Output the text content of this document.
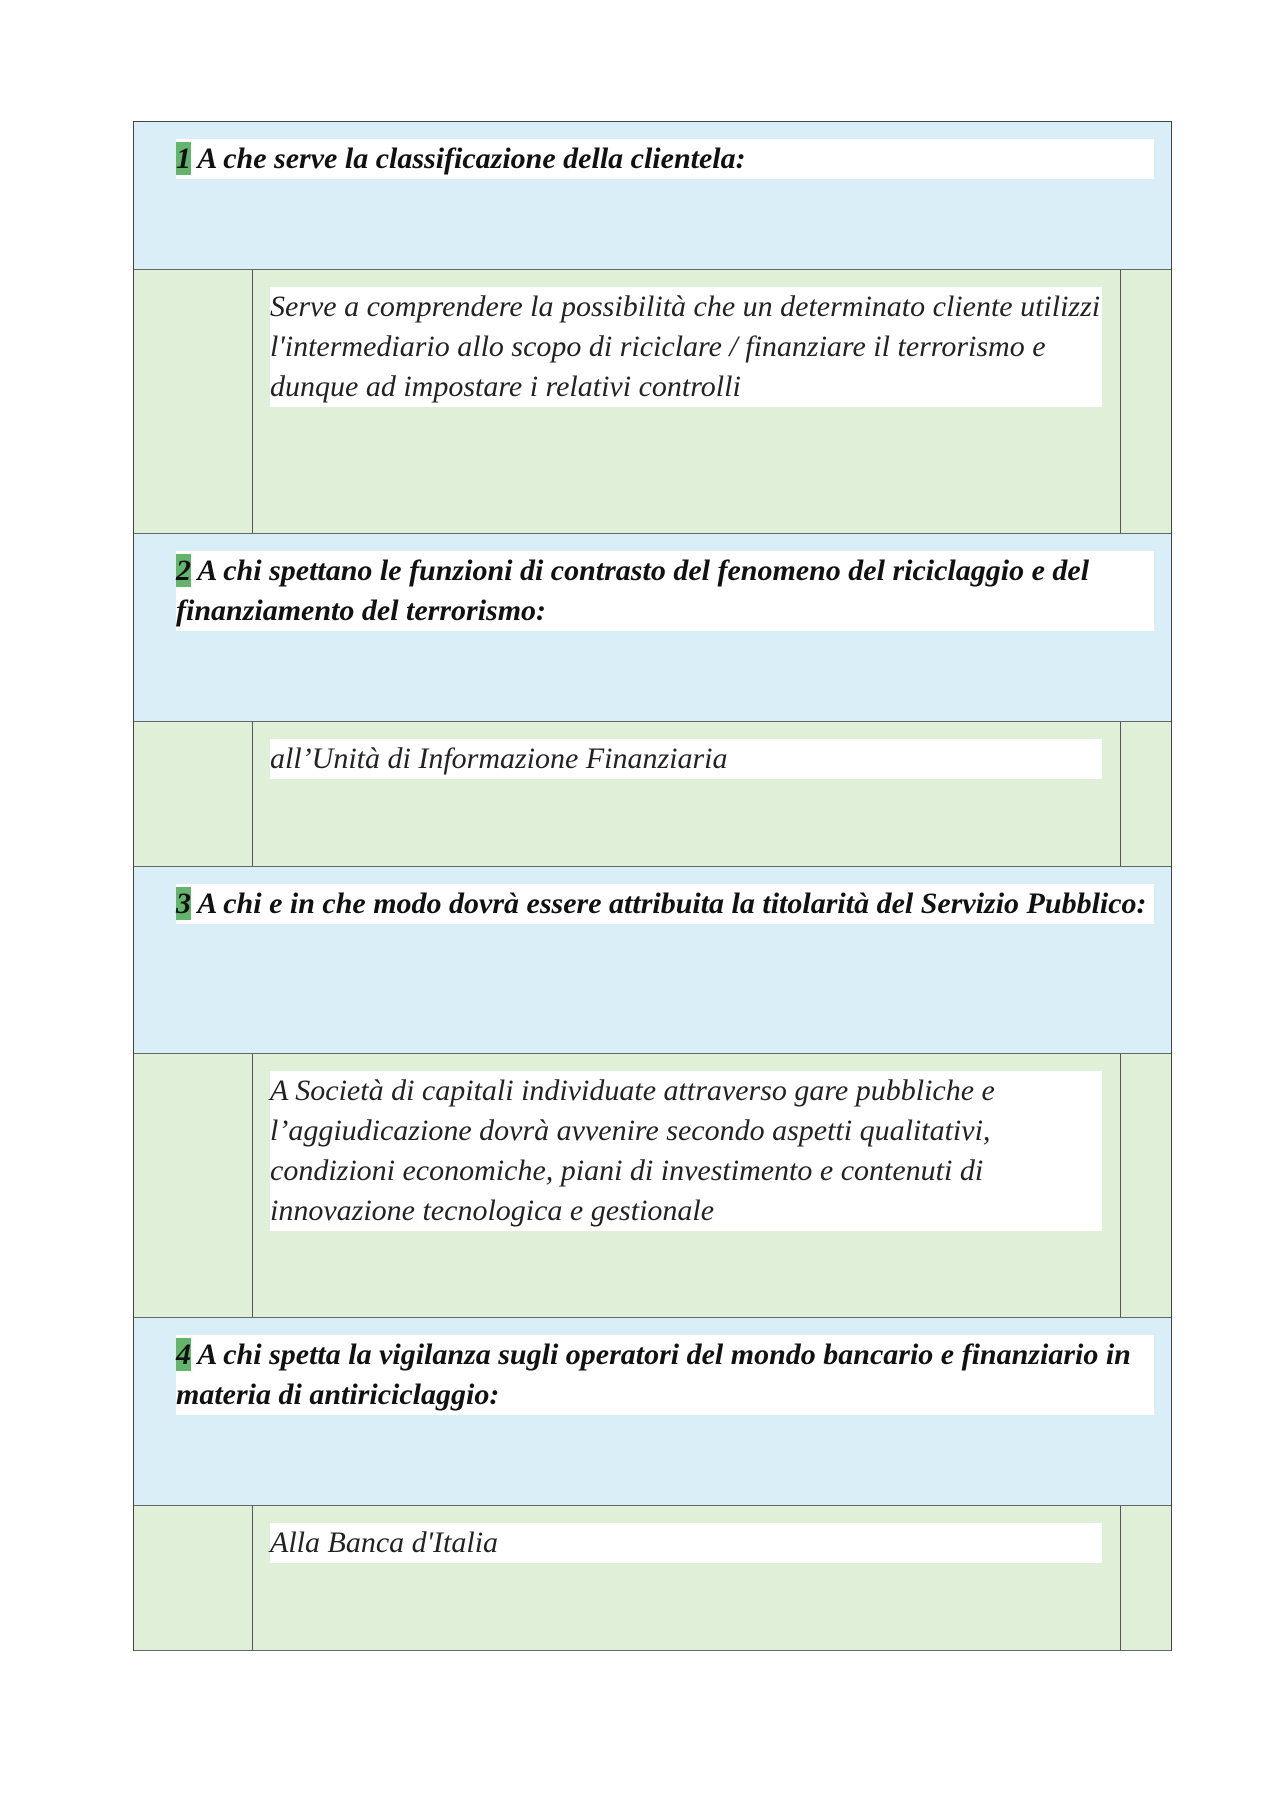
1 A che serve la classificazione della clientela:
Serve a comprendere la possibilità che un determinato cliente utilizzi l'intermediario allo scopo di riciclare / finanziare il terrorismo e dunque ad impostare i relativi controlli
2 A chi spettano le funzioni di contrasto del fenomeno del riciclaggio e del finanziamento del terrorismo:
all’Unità di Informazione Finanziaria
3 A chi e in che modo dovrà essere attribuita la titolarità del Servizio Pubblico:
A Società di capitali individuate attraverso gare pubbliche e l’aggiudicazione dovrà avvenire secondo aspetti qualitativi, condizioni economiche, piani di investimento e contenuti di innovazione tecnologica e gestionale
4 A chi spetta la vigilanza sugli operatori del mondo bancario e finanziario in materia di antiriciclaggio:
Alla Banca d'Italia
